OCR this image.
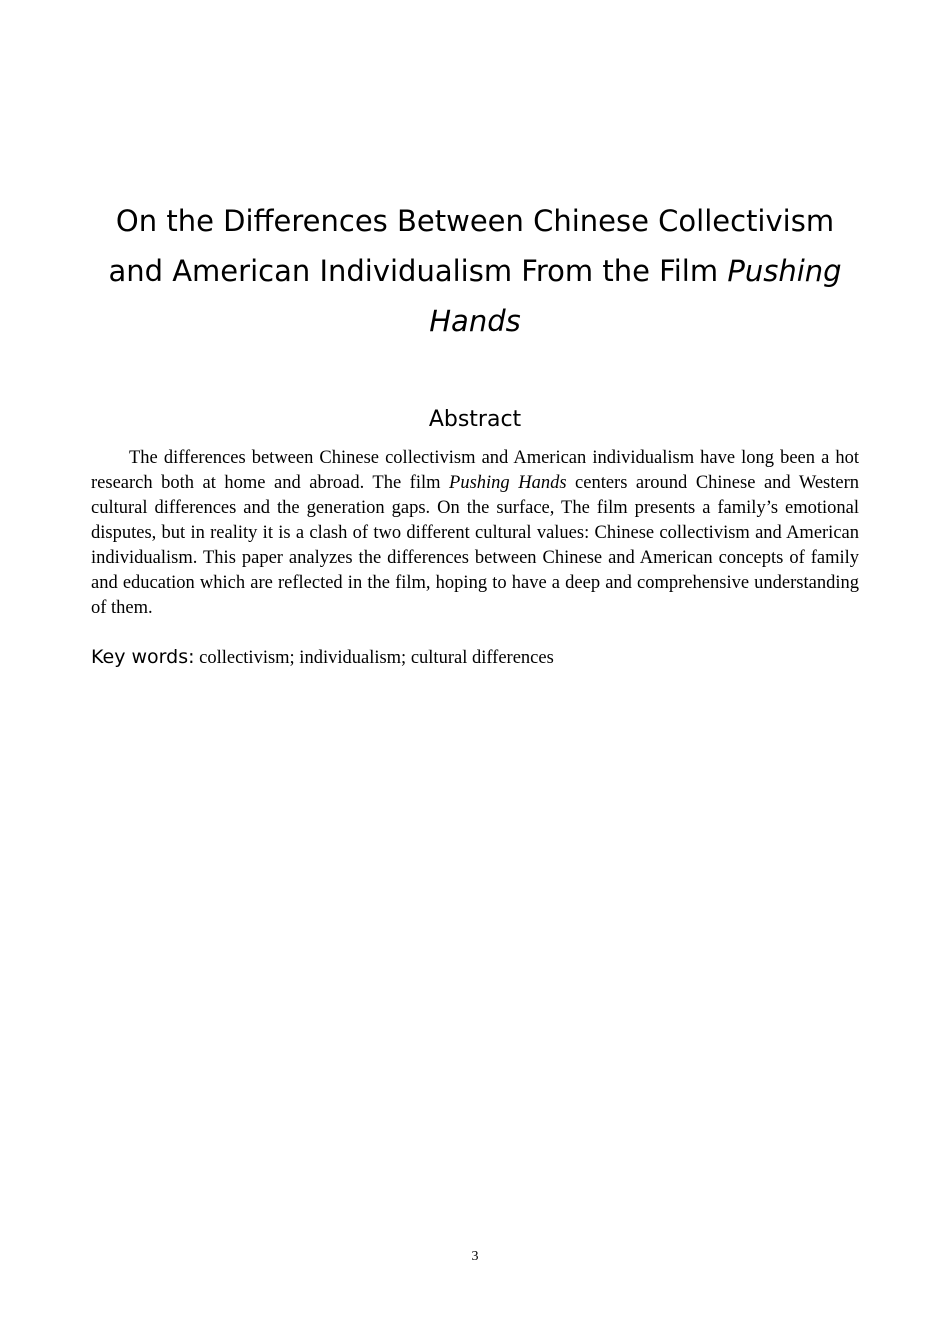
On the Differences Between Chinese Collectivism
and American Individualism From the Film Pushing Hands
Abstract

The differences between Chinese collectivism and American individualism have long been a hot research both at home and abroad. The film Pushing Hands centers around Chinese and Western cultural differences and the generation gaps. On the surface, The film presents a family’s emotional disputes, but in reality it is a clash of two different cultural values: Chinese collectivism and American individualism. This paper analyzes the differences between Chinese and American concepts of family and education which are reflected in the film, hoping to have a deep and comprehensive understanding of them.

Key words: collectivism; individualism; cultural differences

3
